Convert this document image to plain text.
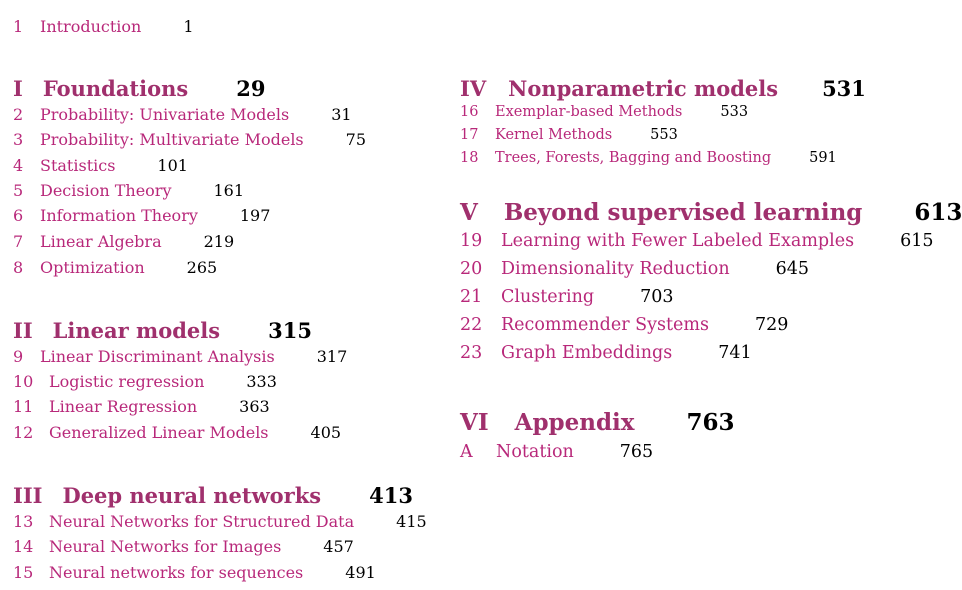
1 Introduction	1
I Foundations 29
2 Probability: Univariate Models	31
3 Probability: Multivariate Models	75
4 Statistics	101
5 Decision Theory	161
6 Information Theory	197
7 Linear Algebra	219
8 Optimization	265
II Linear models 315
9 Linear Discriminant Analysis	317
10 Logistic regression	333
11 Linear Regression	363
12 Generalized Linear Models	405
III Deep neural networks 413
13 Neural Networks for Structured Data	415
14 Neural Networks for Images	457
15 Neural networks for sequences	491
IV Nonparametric models 531
16 Exemplar-based Methods	533
17 Kernel Methods	553
18 Trees, Forests, Bagging and Boosting	591
V Beyond supervised learning 613
19 Learning with Fewer Labeled Examples	615
20 Dimensionality Reduction	645
21 Clustering	703
22 Recommender Systems	729
23 Graph Embeddings	741
VI Appendix 763
A Notation	765
